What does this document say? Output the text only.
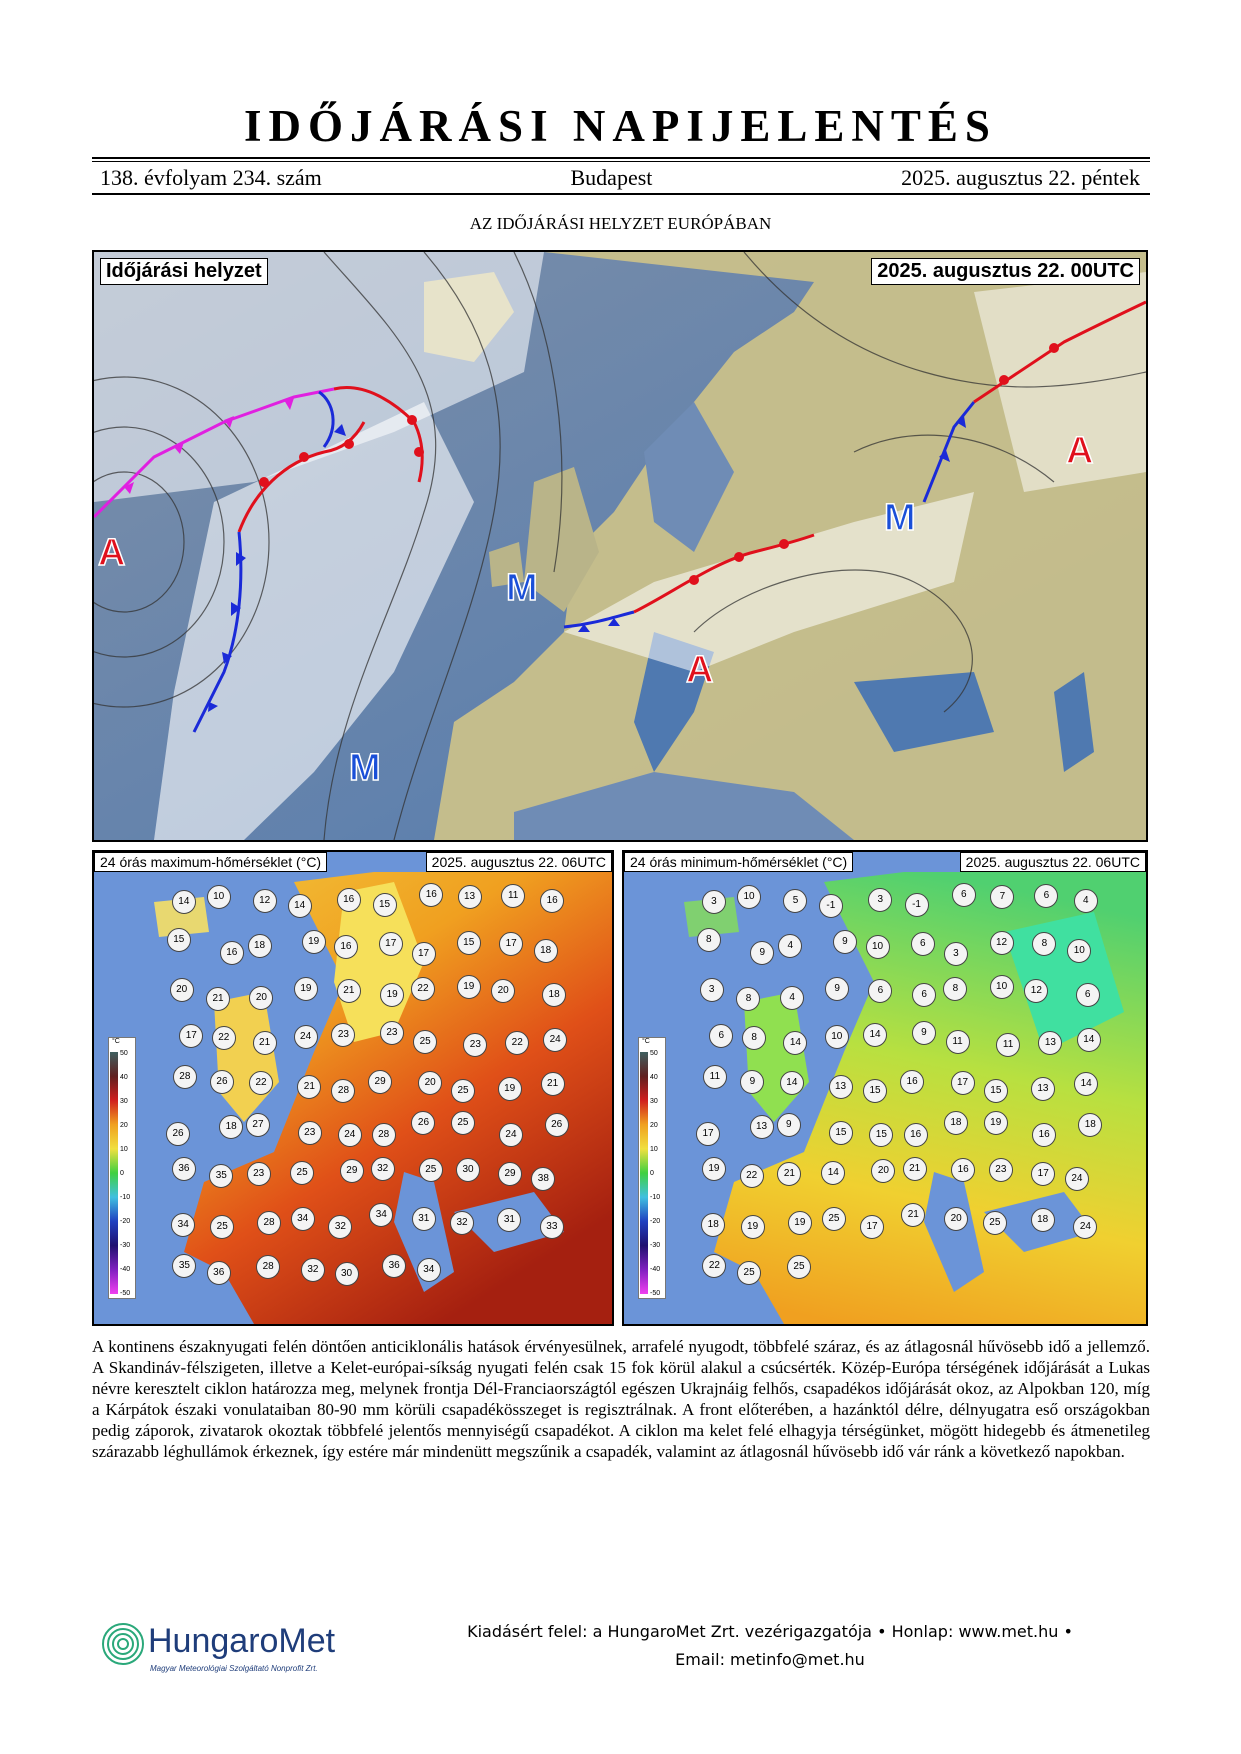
IDŐJÁRÁSI NAPIJELENTÉS
138. évfolyam 234. szám	Budapest	2025. augusztus 22. péntek
AZ IDŐJÁRÁSI HELYZET EURÓPÁBAN
Időjárási helyzet	2025. augusztus 22. 00UTC
A
A
A
M
M
M
24 órás maximum-hőmérséklet (°C)	2025. augusztus 22. 06UTC
°C
50
40
30
20
10
0
-10
-20
-30
-40
-50
14	10	12	14
16	15
16	13	11	16
15
16
18	19	16	17
17
15	17
18
20
21	20
19	21	19
22	19	20	18
17	22	21
24	23	23
25	23	22	24
28	26	22	21	28
29	20
25	19
21
26
18	27
23	24	28
26	25
24
26
36
35	23	25	29	32	25	30	29	38
34	25	28	34
32
34	31	32	31
33
35
36
28	32	30
36	34
24 órás minimum-hőmérséklet (°C)	2025. augusztus 22. 06UTC
°C
50
40
30
20
10
0
-10
-20
-30
-40
-50
3	10	5	-1
3	-1
6	7	6	4
8
9
4	9	10	6
3
12	8
10
3
8	4
9	6	6
8	10	12	6
6	8	14
10	14	9
11	11	13	14
11	9	14	13	15
16	17
15	13
14
17
13	9
15	15	16
18	19
16
18
19
22	21	14	20	21	16	23	17	24
18	19	19	25
17
21	20	25	18
24
22
25
25
A kontinens északnyugati felén döntően anticiklonális hatások érvényesülnek, arrafelé nyugodt, többfelé száraz, és az átlagosnál hűvösebb idő a jellemző. A Skandináv-félszigeten, illetve a Kelet-európai-síkság nyugati felén csak 15 fok körül alakul a csúcsérték. Közép-Európa térségének időjárását a Lukas névre keresztelt ciklon határozza meg, melynek frontja Dél-Franciaországtól egészen Ukrajnáig felhős, csapadékos időjárását okoz, az Alpokban 120, míg a Kárpátok északi vonulataiban 80-90 mm körüli csapadékösszeget is regisztrálnak. A front előterében, a hazánktól délre, délnyugatra eső országokban pedig záporok, zivatarok okoztak többfelé jelentős mennyiségű csapadékot. A ciklon ma kelet felé elhagyja térségünket, mögött hidegebb és átmenetileg szárazabb léghullámok érkeznek, így estére már mindenütt megszűnik a csapadék, valamint az átlagosnál hűvösebb idő vár ránk a következő napokban.
HungaroMet
Magyar Meteorológiai Szolgáltató Nonprofit Zrt.
Kiadásért felel: a HungaroMet Zrt. vezérigazgatója • Honlap: www.met.hu •
Email: metinfo@met.hu
